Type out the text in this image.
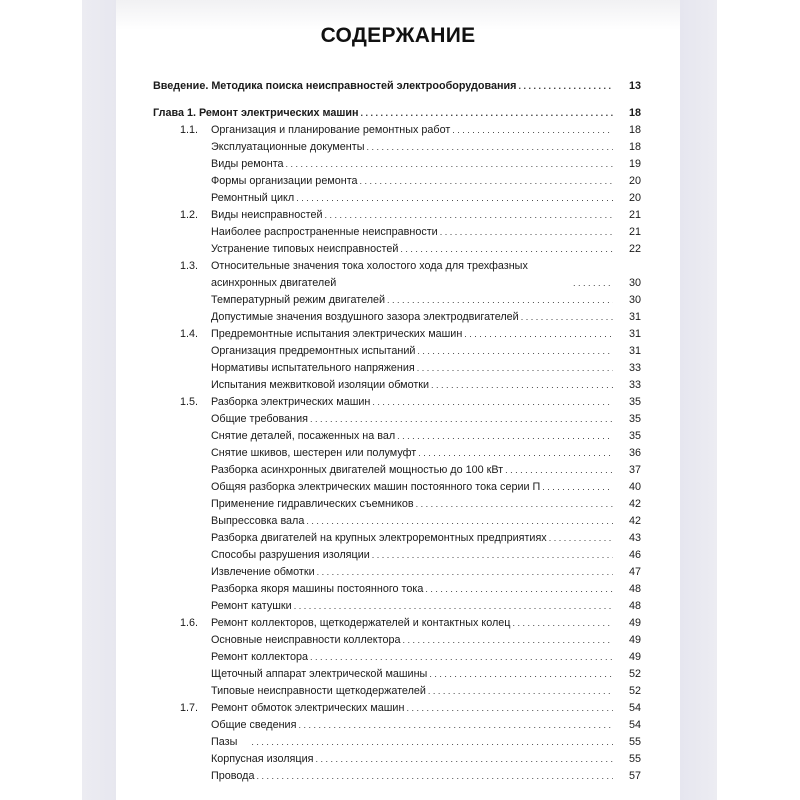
СОДЕРЖАНИЕ
Введение. Методика поиска неисправностей электрооборудования . . .	13
Глава 1. Ремонт электрических машин . . .	18
1.1.	Организация и планирование ремонтных работ . . .	18
Эксплуатационные документы . . .	18
Виды ремонта . . .	19
Формы организации ремонта . . .	20
Ремонтный цикл . . .	20
1.2.	Виды неисправностей . . .	21
Наиболее распространенные неисправности . . .	21
Устранение типовых неисправностей . . .	22
1.3.	Относительные значения тока холостого хода для трехфазных асинхронных двигателей . . .	30
Температурный режим двигателей . . .	30
Допустимые значения воздушного зазора электродвигателей . . .	31
1.4.	Предремонтные испытания электрических машин . . .	31
Организация предремонтных испытаний . . .	31
Нормативы испытательного напряжения . . .	33
Испытания межвитковой изоляции обмотки . . .	33
1.5.	Разборка электрических машин . . .	35
Общие требования . . .	35
Снятие деталей, посаженных на вал . . .	35
Снятие шкивов, шестерен или полумуфт . . .	36
Разборка асинхронных двигателей мощностью до 100 кВт . . .	37
Общяя разборка электрических машин постоянного тока серии П . . .	40
Применение гидравлических съемников . . .	42
Выпрессовка вала . . .	42
Разборка двигателей на крупных электроремонтных предприятиях . . .	43
Способы разрушения изоляции . . .	46
Извлечение обмотки . . .	47
Разборка якоря машины постоянного тока . . .	48
Ремонт катушки . . .	48
1.6.	Ремонт коллекторов, щеткодержателей и контактных колец . . .	49
Основные неисправности коллектора . . .	49
Ремонт коллектора . . .	49
Щеточный аппарат электрической машины . . .	52
Типовые неисправности щеткодержателей . . .	52
1.7.	Ремонт обмоток электрических машин . . .	54
Общие сведения . . .	54
Пазы . . .	55
Корпусная изоляция . . .	55
Провода . . .	57
